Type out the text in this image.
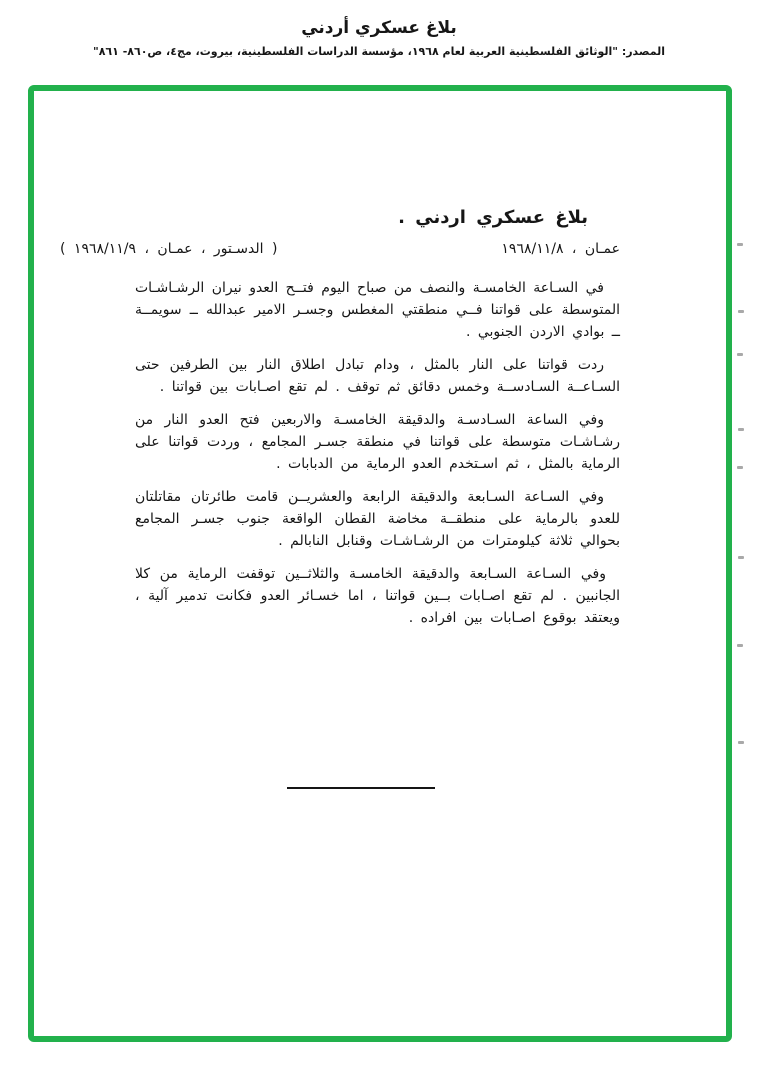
بلاغ عسكري أردني
المصدر: "الوثائق الفلسطينية العربية لعام ١٩٦٨، مؤسسة الدراسات الفلسطينية، بيروت، مج٤، ص٨٦٠- ٨٦١"
بلاغ عسكري اردني .
عمـان ، ١٩٦٨/١١/٨
( الدسـتور ، عمـان ، ١٩٦٨/١١/٩ )

في السـاعة الخامسـة والنصف من صباح اليوم فتــح العدو نيران الرشـاشـات المتوسطة على قواتنا فــي منطقتي المغطس وجسـر الامير عبدالله ــ سويمــة ــ بوادي الاردن الجنوبي .

ردت قواتنا على النار بالمثل ، ودام تبادل اطلاق النار بين الطرفين حتى السـاعــة السـادســة وخمس دقائق ثم توقف . لم تقع اصـابات بين قواتنا .

وفي الساعة السـادسـة والدقيقة الخامسـة والاربعين فتح العدو النار من رشـاشـات متوسطة على قواتنا في منطقة جسـر المجامع ، وردت قواتنا على الرماية بالمثل ، ثم اسـتخدم العدو الرماية من الدبابات .

وفي السـاعة السـابعة والدقيقة الرابعة والعشريــن قامت طائرتان مقاتلتان للعدو بالرماية على منطقــة مخاضة القطان الواقعة جنوب جسـر المجامع بحوالي ثلاثة كيلومترات من الرشـاشـات وقنابل النابالم .

وفي السـاعة السـابعة والدقيقة الخامسـة والثلاثــين توقفت الرماية من كلا الجانبين . لم تقع اصـابات بــين قواتنا ، اما خسـائر العدو فكانت تدمير آلية ، ويعتقد بوقوع اصـابات بين افراده .
